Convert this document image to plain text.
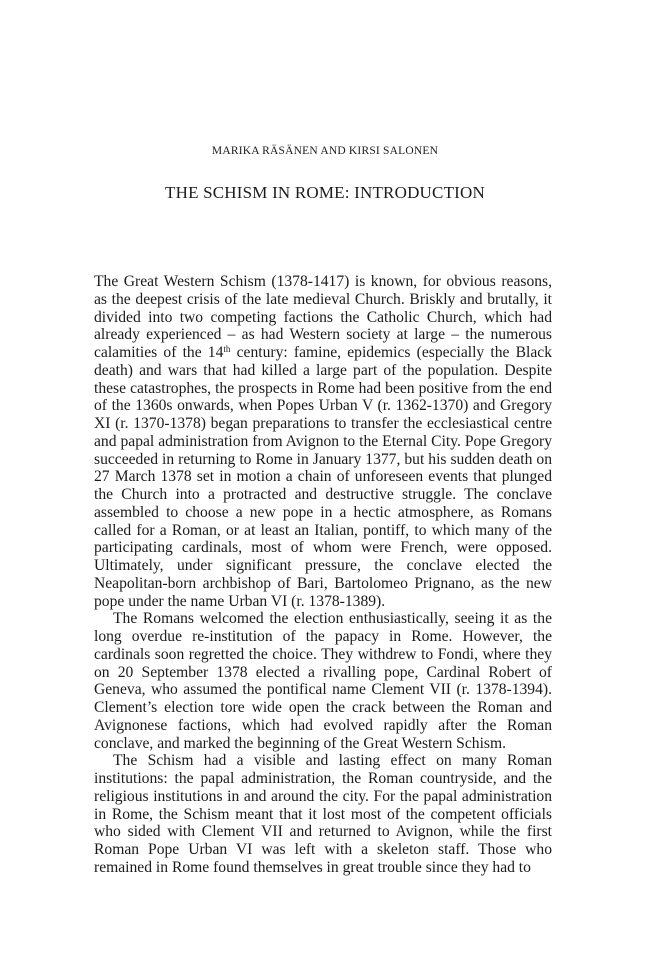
MARIKA RÄSÄNEN AND KIRSI SALONEN
THE SCHISM IN ROME: INTRODUCTION

The Great Western Schism (1378-1417) is known, for obvious reasons, as the deepest crisis of the late medieval Church. Briskly and brutally, it divided into two competing factions the Catholic Church, which had already experienced – as had Western society at large – the numerous calamities of the 14th century: famine, epidemics (especially the Black death) and wars that had killed a large part of the population. Despite these catastrophes, the prospects in Rome had been positive from the end of the 1360s onwards, when Popes Urban V (r. 1362-1370) and Gregory XI (r. 1370-1378) began preparations to transfer the ecclesiastical centre and papal administration from Avignon to the Eternal City. Pope Gregory succeeded in returning to Rome in January 1377, but his sudden death on 27 March 1378 set in motion a chain of unforeseen events that plunged the Church into a protracted and destructive struggle. The conclave assembled to choose a new pope in a hectic atmosphere, as Romans called for a Roman, or at least an Italian, pontiff, to which many of the participating cardinals, most of whom were French, were opposed. Ultimately, under significant pressure, the conclave elected the Neapolitan-born archbishop of Bari, Bartolomeo Prignano, as the new pope under the name Urban VI (r. 1378-1389).

The Romans welcomed the election enthusiastically, seeing it as the long overdue re-institution of the papacy in Rome. However, the cardinals soon regretted the choice. They withdrew to Fondi, where they on 20 September 1378 elected a rivalling pope, Cardinal Robert of Geneva, who assumed the pontifical name Clement VII (r. 1378-1394). Clement’s election tore wide open the crack between the Roman and Avignonese factions, which had evolved rapidly after the Roman conclave, and marked the beginning of the Great Western Schism.

The Schism had a visible and lasting effect on many Roman institutions: the papal administration, the Roman countryside, and the religious institutions in and around the city. For the papal administration in Rome, the Schism meant that it lost most of the competent officials who sided with Clement VII and returned to Avignon, while the first Roman Pope Urban VI was left with a skeleton staff. Those who remained in Rome found themselves in great trouble since they had to
